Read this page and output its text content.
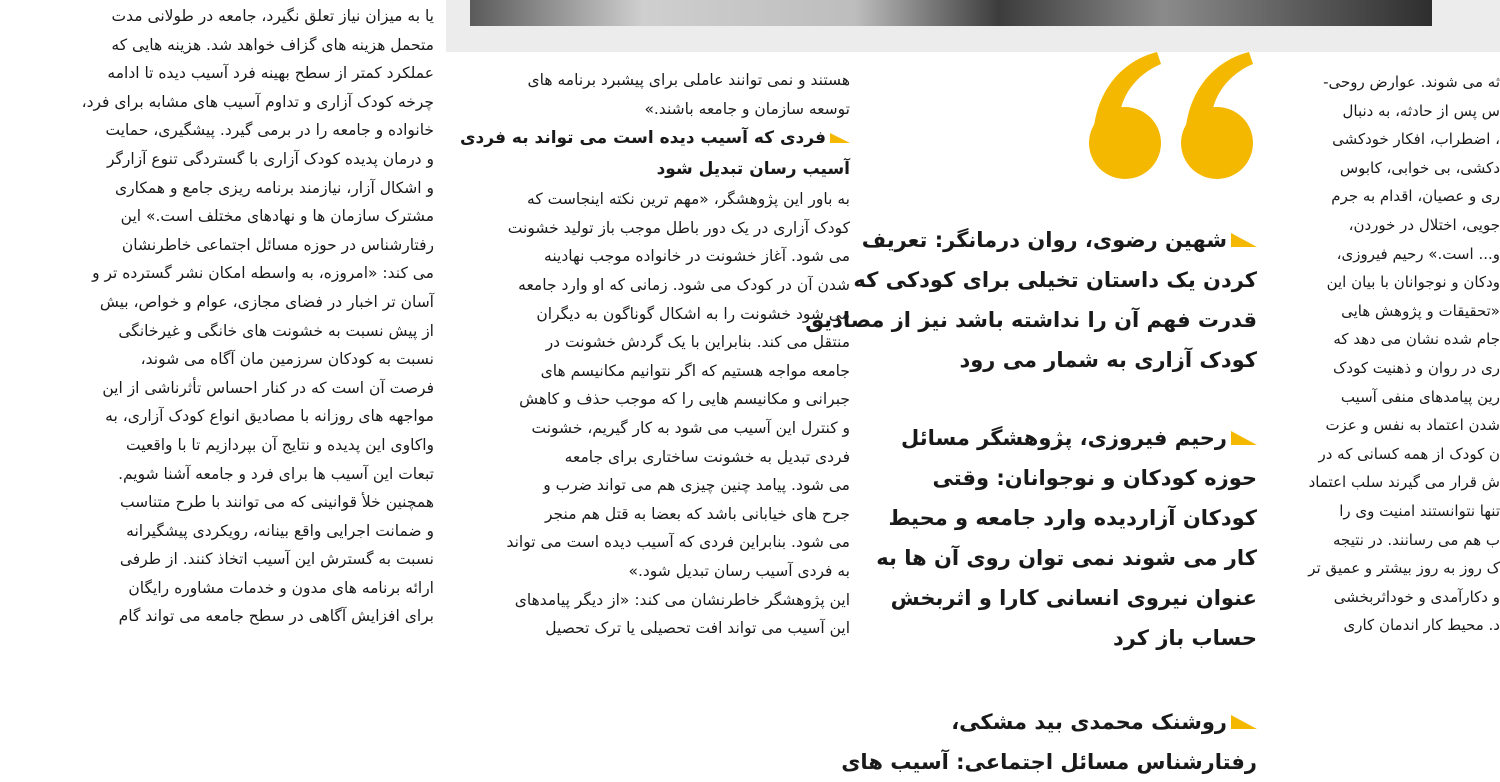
یا به میزان نیاز تعلق نگیرد، جامعه در طولانی مدت
متحمل هزینه های گزاف خواهد شد. هزینه هایی که
عملکرد کمتر از سطح بهینه فرد آسیب دیده تا ادامه
چرخه کودک آزاری و تداوم آسیب های مشابه برای فرد،
خانواده و جامعه را در برمی گیرد. پیشگیری، حمایت
و درمان پدیده کودک آزاری با گستردگی تنوع آزارگر
و اشکال آزار، نیازمند برنامه ریزی جامع و همکاری
مشترک سازمان ها و نهادهای مختلف است.» این
رفتارشناس در حوزه مسائل اجتماعی خاطرنشان
می کند: «امروزه، به واسطه امکان نشر گسترده تر و
آسان تر اخبار در فضای مجازی، عوام و خواص، بیش
از پیش نسبت به خشونت های خانگی و غیرخانگی
نسبت به کودکان سرزمین مان آگاه می شوند،
فرصت آن است که در کنار احساس تأثرناشی از این
مواجهه های روزانه با مصادیق انواع کودک آزاری، به
واکاوی این پدیده و نتایج آن بپردازیم تا با واقعیت
تبعات این آسیب ها برای فرد و جامعه آشنا شویم.
همچنین خلأ قوانینی که می توانند با طرح متناسب
و ضمانت اجرایی واقع بینانه، رویکردی پیشگیرانه
نسبت به گسترش این آسیب اتخاذ کنند. از طرفی
ارائه برنامه های مدون و خدمات مشاوره رایگان
برای افزایش آگاهی در سطح جامعه می تواند گام
هستند و نمی توانند عاملی برای پیشبرد برنامه های
توسعه سازمان و جامعه باشند.»
فردی که آسیب دیده است می تواند به فردی
آسیب رسان تبدیل شود
به باور این پژوهشگر، «مهم ترین نکته اینجاست که
کودک آزاری در یک دور باطل موجب باز تولید خشونت
می شود. آغاز خشونت در خانواده موجب نهادینه
شدن آن در کودک می شود. زمانی که او وارد جامعه
می شود خشونت را به اشکال گوناگون به دیگران
منتقل می کند. بنابراین با یک گردش خشونت در
جامعه مواجه هستیم که اگر نتوانیم مکانیسم های
جبرانی و مکانیسم هایی را که موجب حذف و کاهش
و کنترل این آسیب می شود به کار گیریم، خشونت
فردی تبدیل به خشونت ساختاری برای جامعه
می شود. پیامد چنین چیزی هم می تواند ضرب و
جرح های خیابانی باشد که بعضا به قتل هم منجر
می شود. بنابراین فردی که آسیب دیده است می تواند
به فردی آسیب رسان تبدیل شود.»
این پژوهشگر خاطرنشان می کند: «از دیگر پیامدهای
این آسیب می تواند افت تحصیلی یا ترک تحصیل
شهین رضوی، روان درمانگر: تعریف
کردن یک داستان تخیلی برای کودکی که
قدرت فهم آن را نداشته باشد نیز از مصادیق
کودک آزاری به شمار می رود
رحیم فیروزی، پژوهشگر مسائل
حوزه کودکان و نوجوانان: وقتی
کودکان آزاردیده وارد جامعه و محیط
کار می شوند نمی توان روی آن ها به
عنوان نیروی انسانی کارا و اثربخش
حساب باز کرد
روشنک محمدی بید مشکی،
رفتارشناس مسائل اجتماعی: آسیب های
ثه می شوند. عوارض روحی-
س پس از حادثه، به دنبال
، اضطراب، افکار خودکشی
دکشی، بی خوابی، کابوس
ری و عصیان، اقدام به جرم
جویی، اختلال در خوردن،
و... است.» رحیم فیروزی،
ودکان و نوجوانان با بیان این
«تحقیقات و پژوهش هایی
جام شده نشان می دهد که
ری در روان و ذهنیت کودک
رین پیامدهای منفی آسیب
شدن اعتماد به نفس و عزت
ن کودک از همه کسانی که در
ش قرار می گیرند سلب اعتماد
تنها نتوانستند امنیت وی را
ب هم می رسانند. در نتیجه
ک روز به روز بیشتر و عمیق تر
و دکارآمدی و خوداثربخشی
د. محیط کار اندمان کاری
